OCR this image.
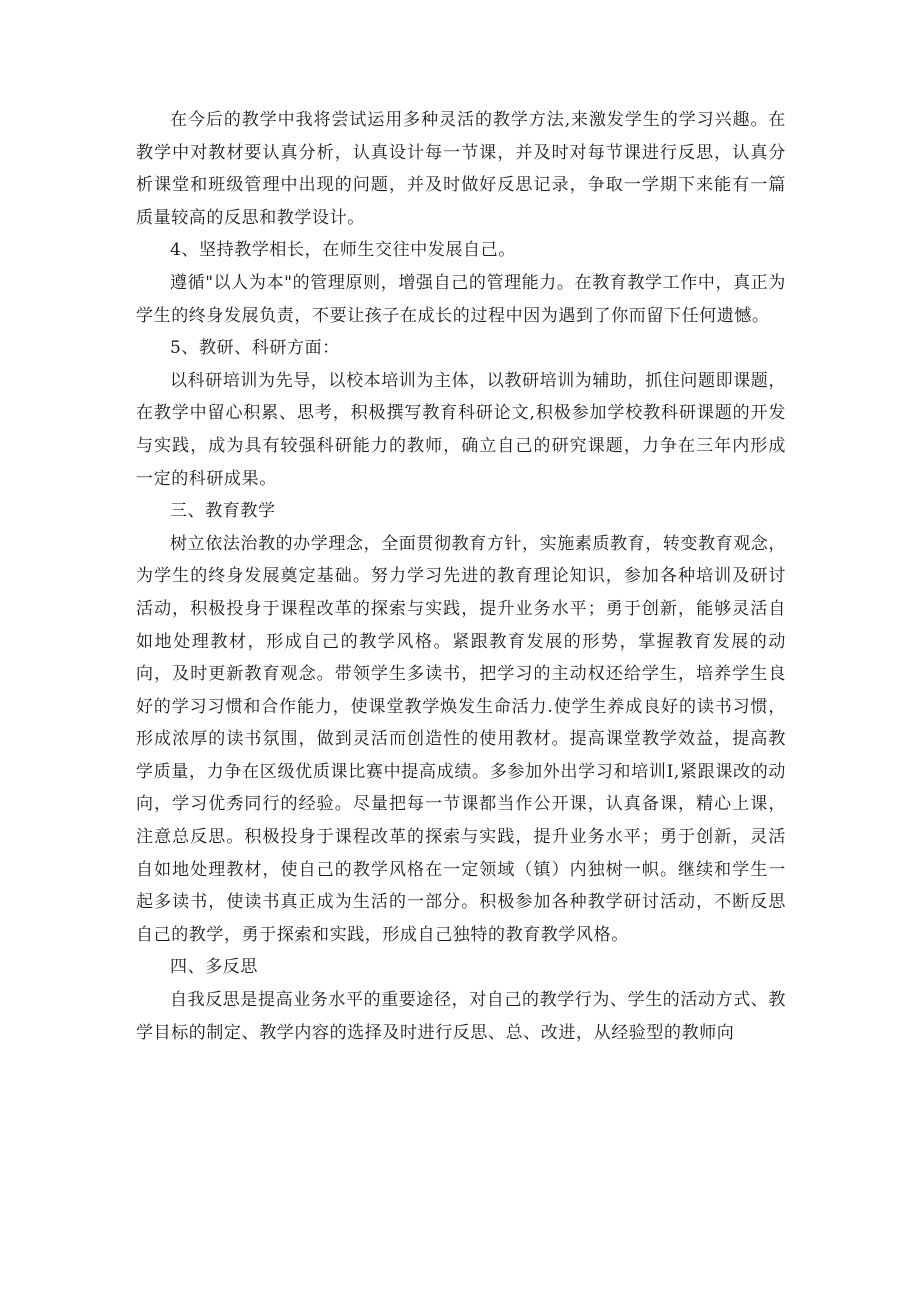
在今后的教学中我将尝试运用多种灵活的教学方法,来激发学生的学习兴趣。在教学中对教材要认真分析，认真设计每一节课，并及时对每节课进行反思，认真分析课堂和班级管理中出现的问题，并及时做好反思记录，争取一学期下来能有一篇质量较高的反思和教学设计。

4、坚持教学相长，在师生交往中发展自己。

遵循"以人为本"的管理原则，增强自己的管理能力。在教育教学工作中，真正为学生的终身发展负责，不要让孩子在成长的过程中因为遇到了你而留下任何遗憾。

5、教研、科研方面：

以科研培训为先导，以校本培训为主体，以教研培训为辅助，抓住问题即课题，在教学中留心积累、思考，积极撰写教育科研论文,积极参加学校教科研课题的开发与实践，成为具有较强科研能力的教师，确立自己的研究课题，力争在三年内形成一定的科研成果。

三、教育教学

树立依法治教的办学理念，全面贯彻教育方针，实施素质教育，转变教育观念，为学生的终身发展奠定基础。努力学习先进的教育理论知识，参加各种培训及研讨活动，积极投身于课程改革的探索与实践，提升业务水平；勇于创新，能够灵活自如地处理教材，形成自己的教学风格。紧跟教育发展的形势，掌握教育发展的动向，及时更新教育观念。带领学生多读书，把学习的主动权还给学生，培养学生良好的学习习惯和合作能力，使课堂教学焕发生命活力.使学生养成良好的读书习惯，形成浓厚的读书氛围，做到灵活而创造性的使用教材。提高课堂教学效益，提高教学质量，力争在区级优质课比赛中提高成绩。多参加外出学习和培训I,紧跟课改的动向，学习优秀同行的经验。尽量把每一节课都当作公开课，认真备课，精心上课，注意总反思。积极投身于课程改革的探索与实践，提升业务水平；勇于创新，灵活自如地处理教材，使自己的教学风格在一定领域（镇）内独树一帜。继续和学生一起多读书，使读书真正成为生活的一部分。积极参加各种教学研讨活动，不断反思自己的教学，勇于探索和实践，形成自己独特的教育教学风格。

四、多反思

自我反思是提高业务水平的重要途径，对自己的教学行为、学生的活动方式、教学目标的制定、教学内容的选择及时进行反思、总、改进，从经验型的教师向
